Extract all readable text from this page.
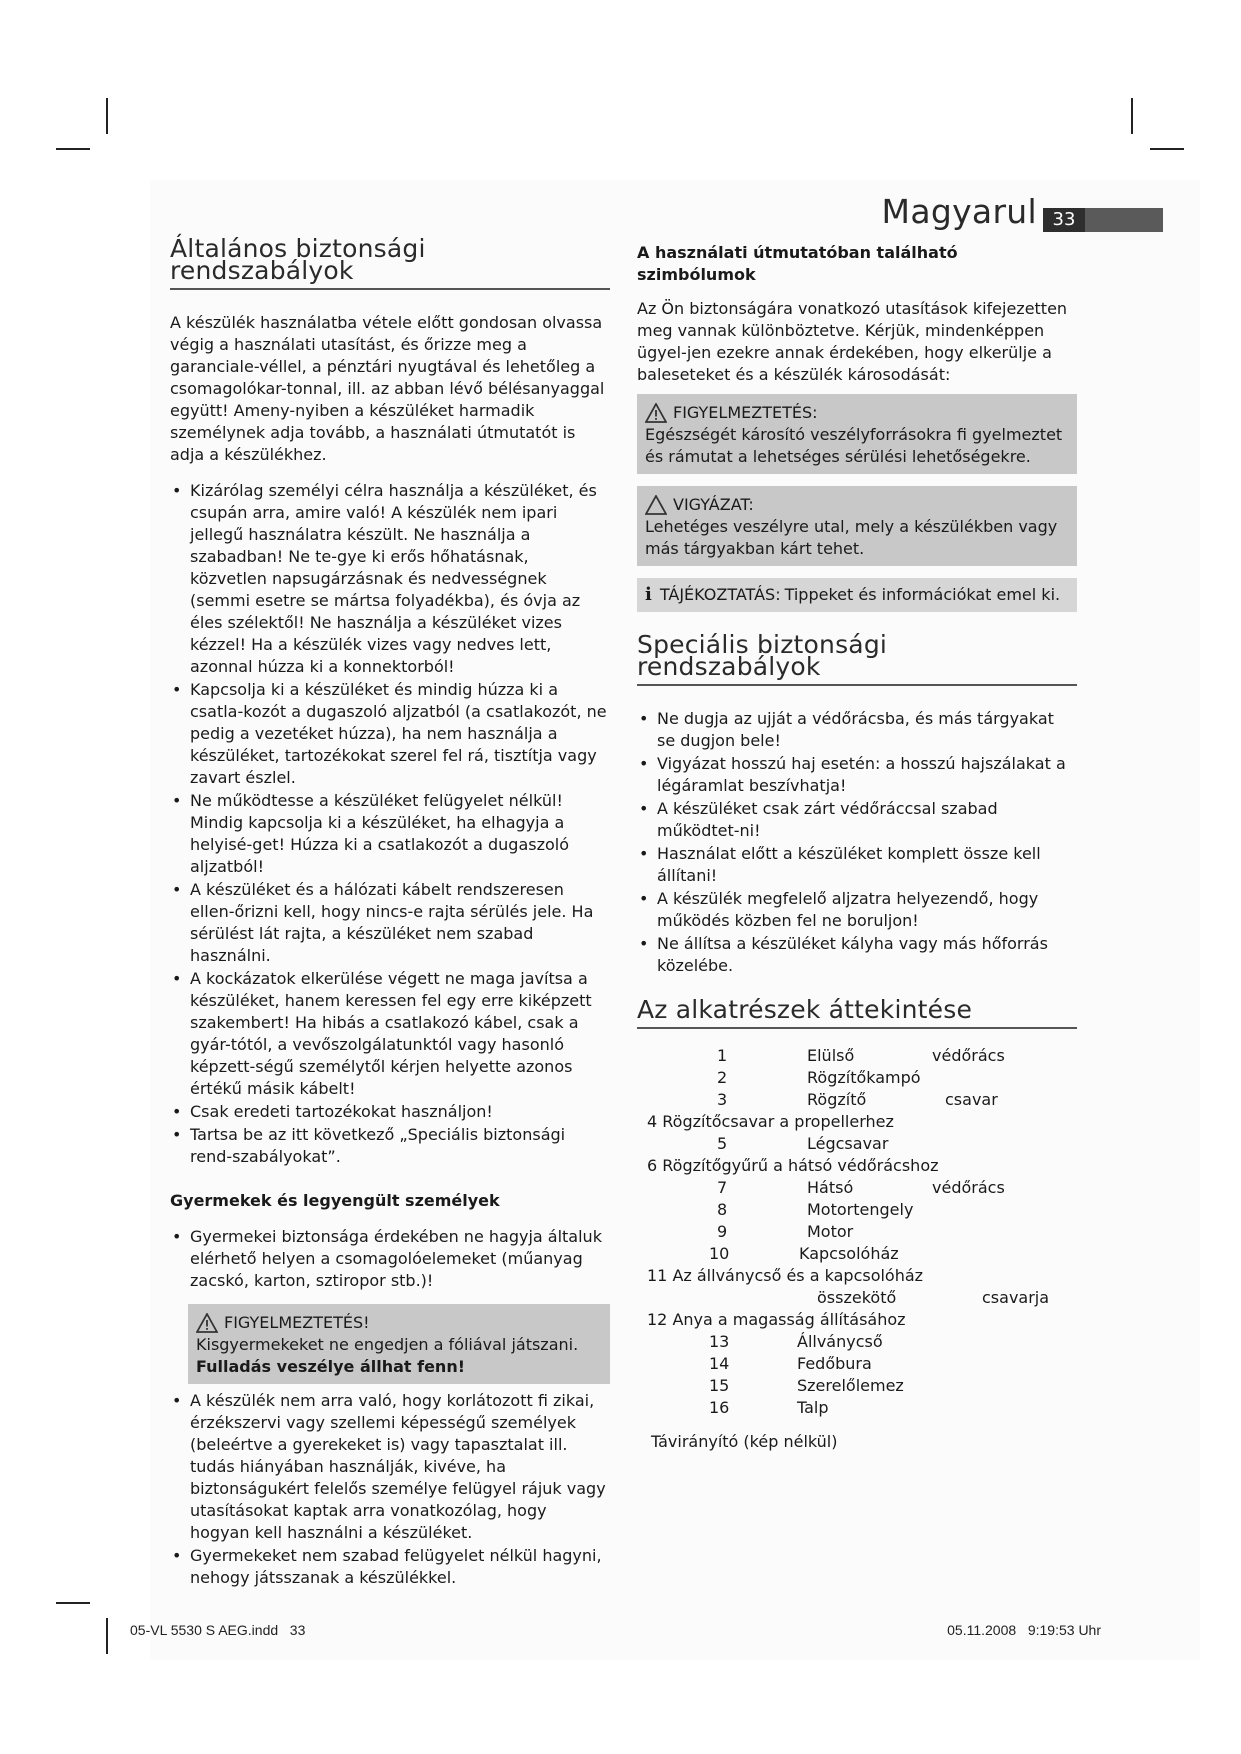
Magyarul 33
Általános biztonsági rendszabályok

A készülék használatba vétele előtt gondosan olvassa végig a használati utasítást, és őrizze meg a garanciale-véllel, a pénztári nyugtával és lehetőleg a csomagolókar-tonnal, ill. az abban lévő bélésanyaggal együtt! Ameny-nyiben a készüléket harmadik személynek adja tovább, a használati útmutatót is adja a készülékhez.

• Kizárólag személyi célra használja a készüléket, és csupán arra, amire való! A készülék nem ipari jellegű használatra készült. Ne használja a szabadban! Ne te-gye ki erős hőhatásnak, közvetlen napsugárzásnak és nedvességnek (semmi esetre se mártsa folyadékba), és óvja az éles szélektől! Ne használja a készüléket vizes kézzel! Ha a készülék vizes vagy nedves lett, azonnal húzza ki a konnektorból!
• Kapcsolja ki a készüléket és mindig húzza ki a csatla-kozót a dugaszoló aljzatból (a csatlakozót, ne pedig a vezetéket húzza), ha nem használja a készüléket, tartozékokat szerel fel rá, tisztítja vagy zavart észlel.
• Ne működtesse a készüléket felügyelet nélkül! Mindig kapcsolja ki a készüléket, ha elhagyja a helyisé-get! Húzza ki a csatlakozót a dugaszoló aljzatból!
• A készüléket és a hálózati kábelt rendszeresen ellen-őrizni kell, hogy nincs-e rajta sérülés jele. Ha sérülést lát rajta, a készüléket nem szabad használni.
• A kockázatok elkerülése végett ne maga javítsa a készüléket, hanem keressen fel egy erre kiképzett szakembert! Ha hibás a csatlakozó kábel, csak a gyár-tótól, a vevőszolgálatunktól vagy hasonló képzett-ségű személytől kérjen helyette azonos értékű másik kábelt!
• Csak eredeti tartozékokat használjon!
• Tartsa be az itt következő „Speciális biztonsági rend-szabályokat”.
Gyermekek és legyengült személyek
• Gyermekei biztonsága érdekében ne hagyja általuk elérhető helyen a csomagolóelemeket (műanyag zacskó, karton, sztiropor stb.)!
FIGYELMEZTETÉS!
Kisgyermekeket ne engedjen a fóliával játszani.
Fulladás veszélye állhat fenn!
• A készülék nem arra való, hogy korlátozott fi zikai, érzékszervi vagy szellemi képességű személyek (beleértve a gyerekeket is) vagy tapasztalat ill. tudás hiányában használják, kivéve, ha biztonságukért felelős személye felügyel rájuk vagy utasításokat kaptak arra vonatkozólag, hogy hogyan kell használni a készüléket.
• Gyermekeket nem szabad felügyelet nélkül hagyni, nehogy játsszanak a készülékkel.
A használati útmutatóban található szimbólumok

Az Ön biztonságára vonatkozó utasítások kifejezetten meg vannak különböztetve. Kérjük, mindenképpen ügyel-jen ezekre annak érdekében, hogy elkerülje a baleseteket és a készülék károsodását:

FIGYELMEZTETÉS:
Egészségét károsító veszélyforrásokra fi gyelmeztet és rámutat a lehetséges sérülési lehetőségekre.
VIGYÁZAT:
Lehetéges veszélyre utal, mely a készülékben vagy más tárgyakban kárt tehet.
i TÁJÉKOZTATÁS: Tippeket és információkat emel ki.
Speciális biztonsági rendszabályok
• Ne dugja az ujját a védőrácsba, és más tárgyakat se dugjon bele!
• Vigyázat hosszú haj esetén: a hosszú hajszálakat a légáramlat beszívhatja!
• A készüléket csak zárt védőráccsal szabad működtet-ni!
• Használat előtt a készüléket komplett össze kell állítani!
• A készülék megfelelő aljzatra helyezendő, hogy működés közben fel ne boruljon!
• Ne állítsa a készüléket kályha vagy más hőforrás közelébe.
Az alkatrészek áttekintése
1	Elülső	védőrács
2	Rögzítőkampó
3	Rögzítő	csavar
4 Rögzítőcsavar a propellerhez
5	Légcsavar
6 Rögzítőgyűrű a hátsó védőrácshoz
7	Hátsó	védőrács
8	Motortengely
9	Motor
10	Kapcsolóház
11 Az állványcső és a kapcsolóház
összekötő	csavarja
12 Anya a magasság állításához
13	Állványcső
14	Fedőbura
15	Szerelőlemez
16	Talp
Távirányító (kép nélkül)
05-VL 5530 S AEG.indd   33	05.11.2008   9:19:53 Uhr
